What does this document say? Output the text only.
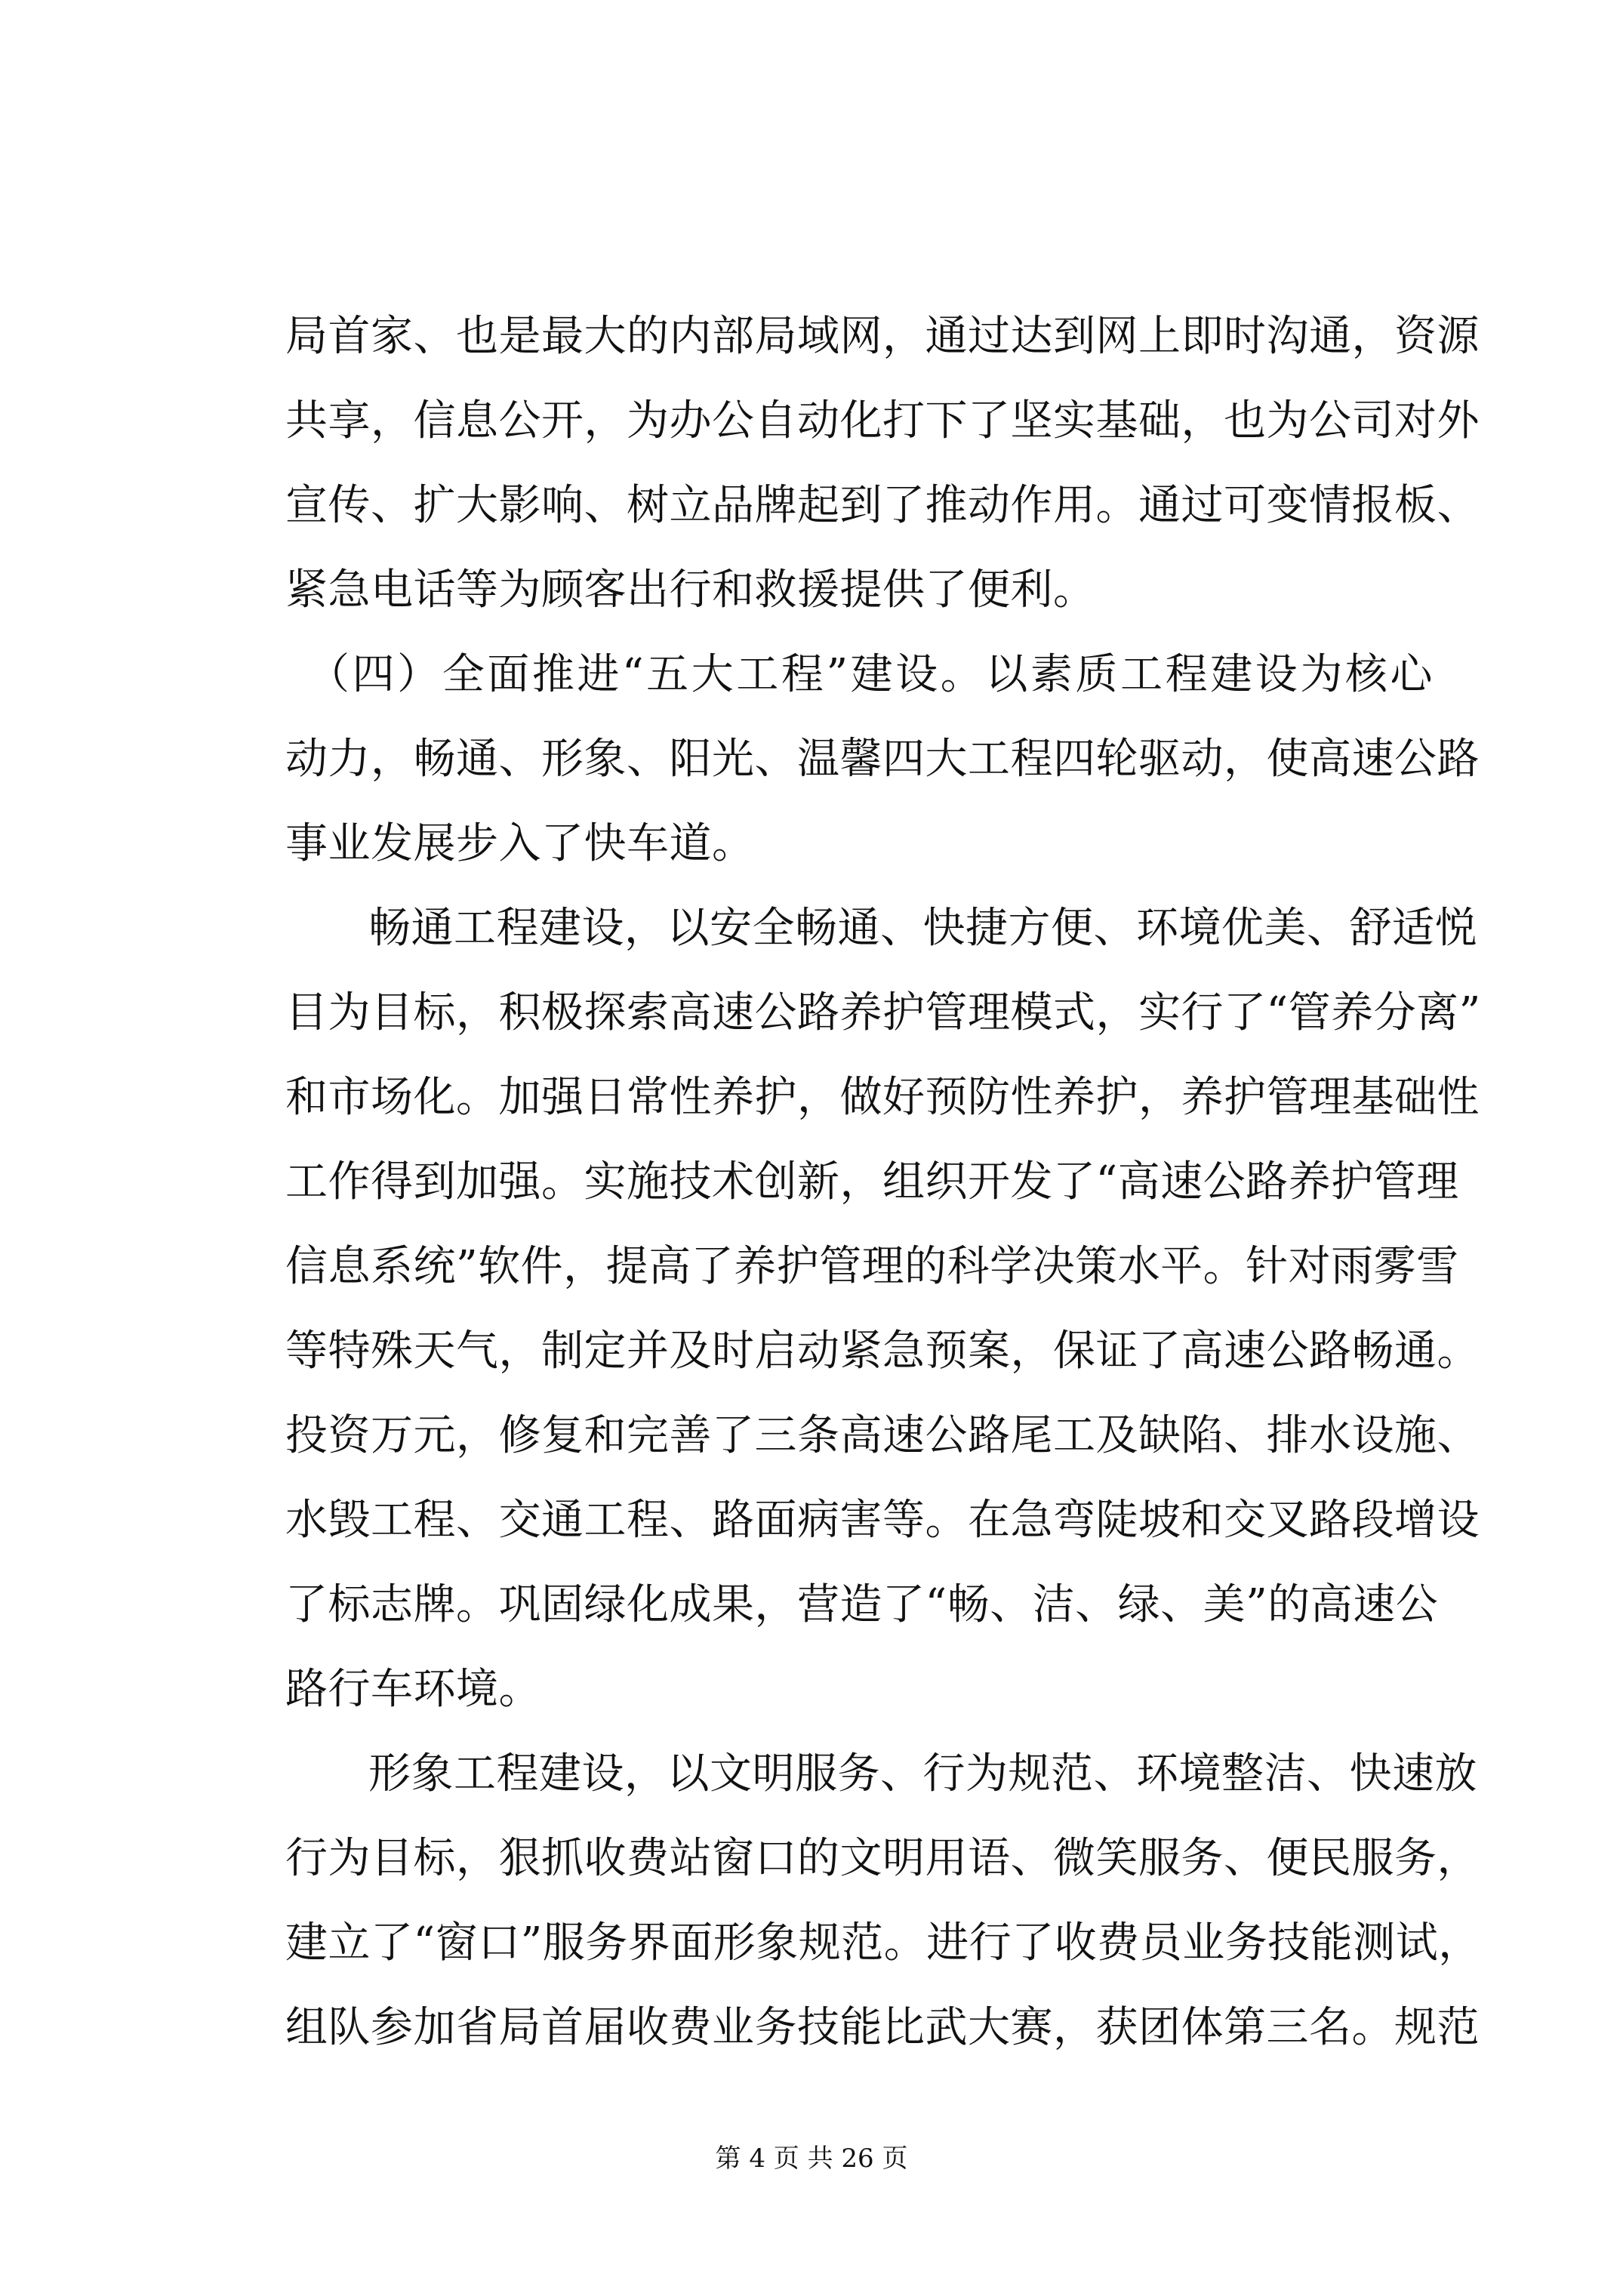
局首家、也是最大的内部局域网，通过达到网上即时沟通，资源
共享，信息公开，为办公自动化打下了坚实基础，也为公司对外
宣传、扩大影响、树立品牌起到了推动作用。通过可变情报板、
紧急电话等为顾客出行和救援提供了便利。
（四）全面推进“五大工程”建设。以素质工程建设为核心
动力，畅通、形象、阳光、温馨四大工程四轮驱动，使高速公路
事业发展步入了快车道。
畅通工程建设，以安全畅通、快捷方便、环境优美、舒适悦
目为目标，积极探索高速公路养护管理模式，实行了“管养分离”
和市场化。加强日常性养护，做好预防性养护，养护管理基础性
工作得到加强。实施技术创新，组织开发了“高速公路养护管理
信息系统”软件，提高了养护管理的科学决策水平。针对雨雾雪
等特殊天气，制定并及时启动紧急预案，保证了高速公路畅通。
投资万元，修复和完善了三条高速公路尾工及缺陷、排水设施、
水毁工程、交通工程、路面病害等。在急弯陡坡和交叉路段增设
了标志牌。巩固绿化成果，营造了“畅、洁、绿、美”的高速公
路行车环境。
形象工程建设，以文明服务、行为规范、环境整洁、快速放
行为目标，狠抓收费站窗口的文明用语、微笑服务、便民服务，
建立了“窗口”服务界面形象规范。进行了收费员业务技能测试，
组队参加省局首届收费业务技能比武大赛，获团体第三名。规范
第 4 页 共 26 页
